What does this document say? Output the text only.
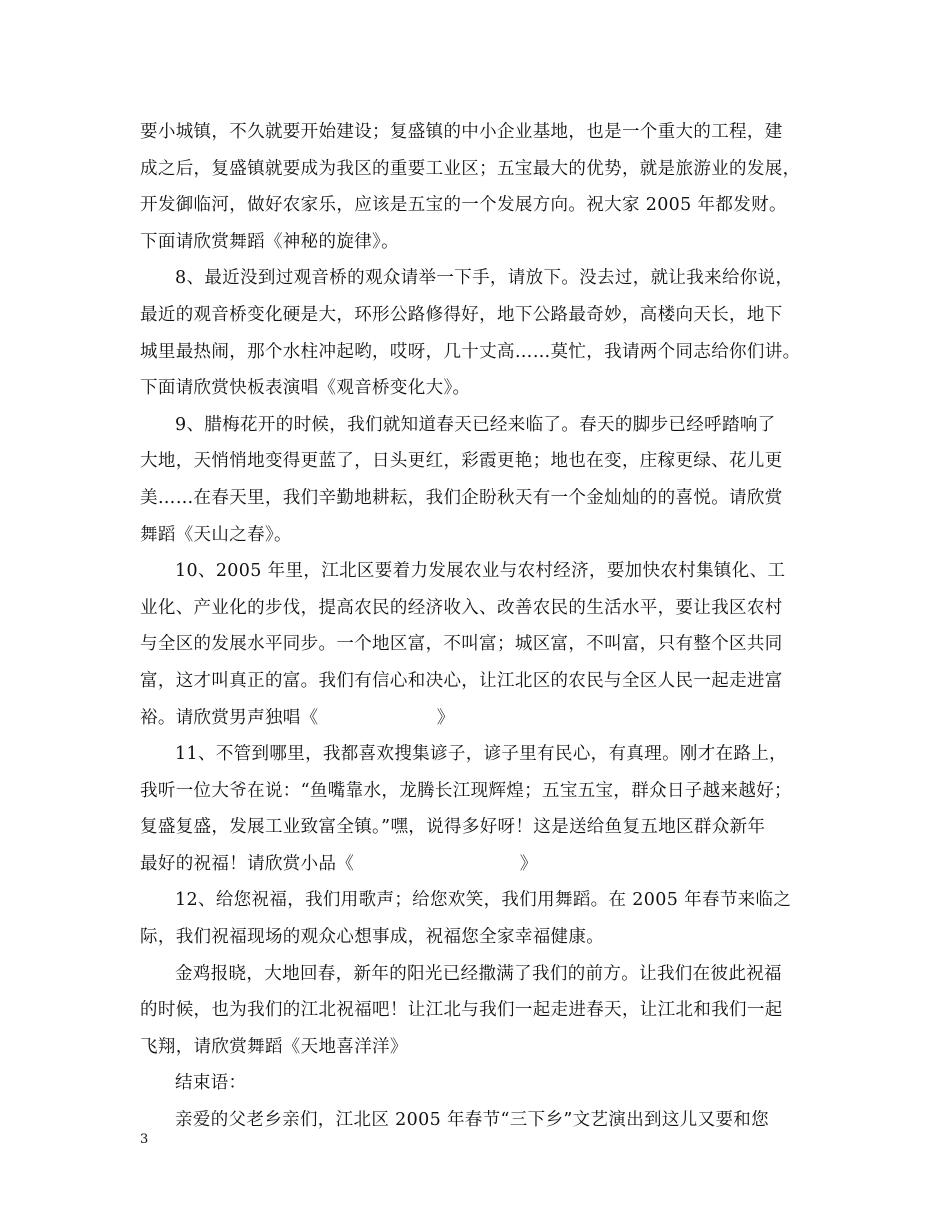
要小城镇，不久就要开始建设；复盛镇的中小企业基地，也是一个重大的工程，建
成之后，复盛镇就要成为我区的重要工业区；五宝最大的优势，就是旅游业的发展，
开发御临河，做好农家乐，应该是五宝的一个发展方向。祝大家 2005 年都发财。
下面请欣赏舞蹈《神秘的旋律》。
8、最近没到过观音桥的观众请举一下手，请放下。没去过，就让我来给你说，
最近的观音桥变化硬是大，环形公路修得好，地下公路最奇妙，高楼向天长，地下
城里最热闹，那个水柱冲起哟，哎呀，几十丈高……莫忙，我请两个同志给你们讲。
下面请欣赏快板表演唱《观音桥变化大》。
9、腊梅花开的时候，我们就知道春天已经来临了。春天的脚步已经呼踏响了
大地，天悄悄地变得更蓝了，日头更红，彩霞更艳；地也在变，庄稼更绿、花儿更
美……在春天里，我们辛勤地耕耘，我们企盼秋天有一个金灿灿的的喜悦。请欣赏
舞蹈《天山之春》。
10、2005 年里，江北区要着力发展农业与农村经济，要加快农村集镇化、工
业化、产业化的步伐，提高农民的经济收入、改善农民的生活水平，要让我区农村
与全区的发展水平同步。一个地区富，不叫富；城区富，不叫富，只有整个区共同
富，这才叫真正的富。我们有信心和决心，让江北区的农民与全区人民一起走进富
裕。请欣赏男声独唱《                    》
11、不管到哪里，我都喜欢搜集谚子，谚子里有民心，有真理。刚才在路上，
我听一位大爷在说：“鱼嘴靠水，龙腾长江现辉煌；五宝五宝，群众日子越来越好；
复盛复盛，发展工业致富全镇。”嘿，说得多好呀！这是送给鱼复五地区群众新年
最好的祝福！请欣赏小品《                            》
12、给您祝福，我们用歌声；给您欢笑，我们用舞蹈。在 2005 年春节来临之
际，我们祝福现场的观众心想事成，祝福您全家幸福健康。
金鸡报晓，大地回春，新年的阳光已经撒满了我们的前方。让我们在彼此祝福
的时候，也为我们的江北祝福吧！让江北与我们一起走进春天，让江北和我们一起
飞翔，请欣赏舞蹈《天地喜洋洋》
结束语：
亲爱的父老乡亲们，江北区 2005 年春节“三下乡”文艺演出到这儿又要和您
3
